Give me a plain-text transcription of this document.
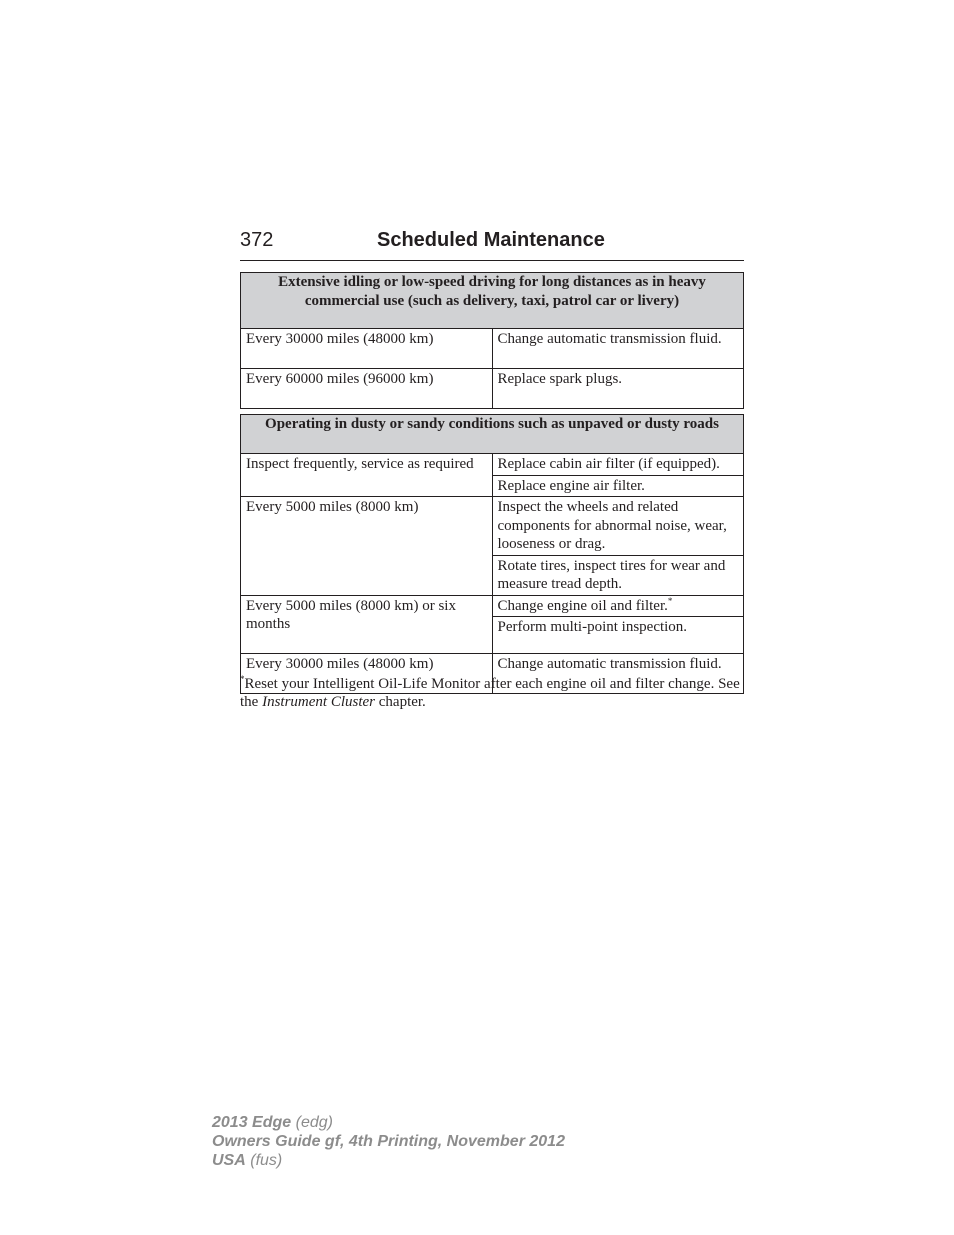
372	Scheduled Maintenance
Extensive idling or low-speed driving for long distances as in heavy commercial use (such as delivery, taxi, patrol car or livery)	
Every 30000 miles (48000 km)	Change automatic transmission fluid.
Every 60000 miles (96000 km)	Replace spark plugs.
Operating in dusty or sandy conditions such as unpaved or dusty roads	
Inspect frequently, service as required	Replace cabin air filter (if equipped).
	Replace engine air filter.
Every 5000 miles (8000 km)	Inspect the wheels and related components for abnormal noise, wear, looseness or drag.
	Rotate tires, inspect tires for wear and measure tread depth.
Every 5000 miles (8000 km) or six months	Change engine oil and filter.*
	Perform multi-point inspection.
Every 30000 miles (48000 km)	Change automatic transmission fluid.
*Reset your Intelligent Oil-Life Monitor after each engine oil and filter change. See the Instrument Cluster chapter.
2013 Edge (edg)
Owners Guide gf, 4th Printing, November 2012
USA (fus)
